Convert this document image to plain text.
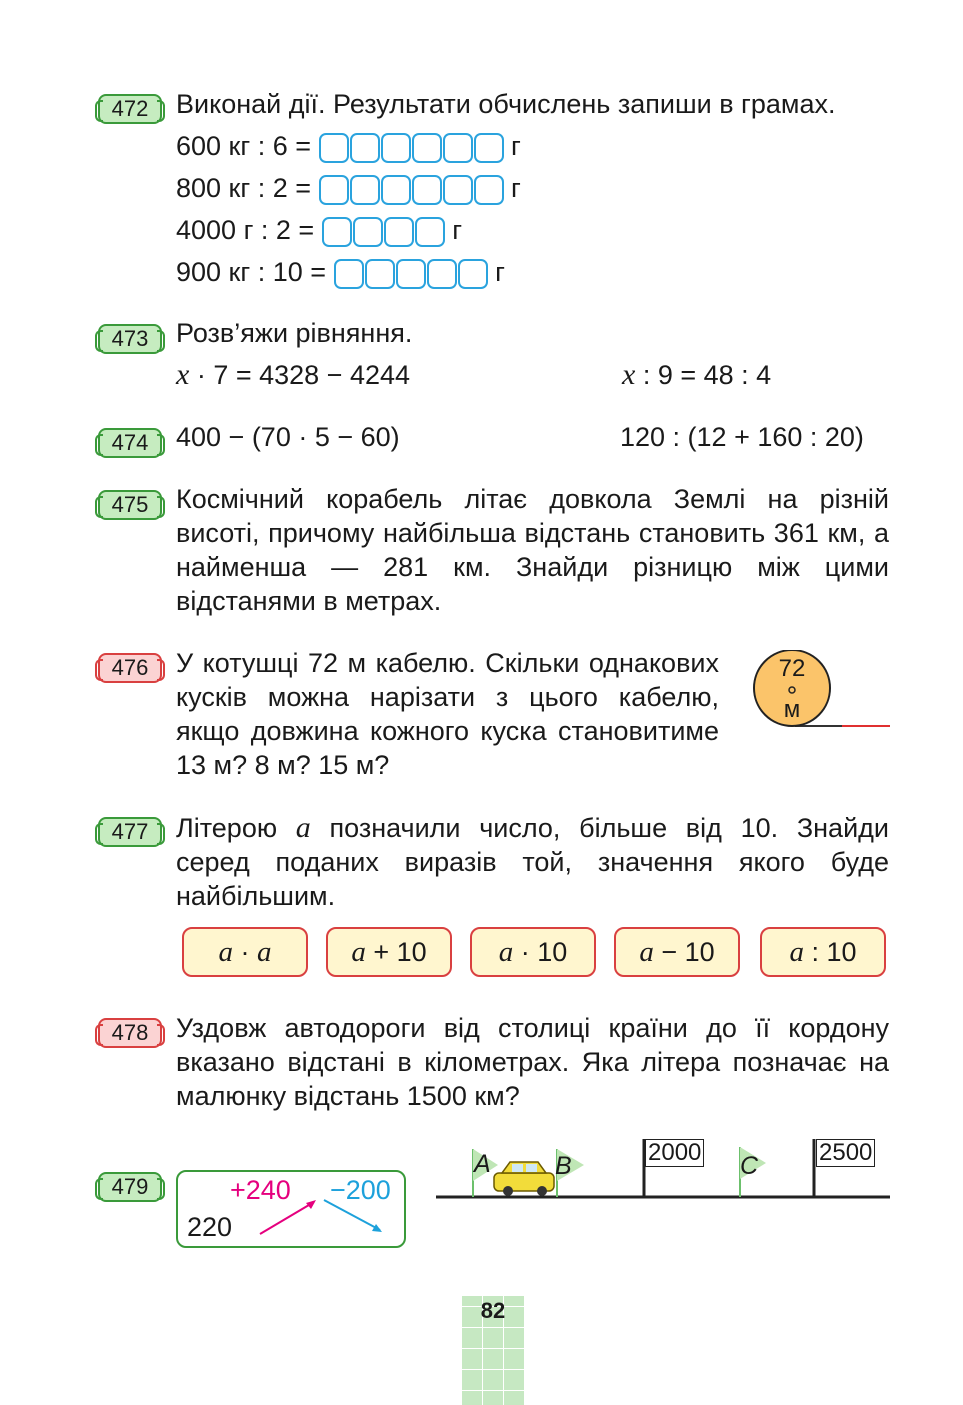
472	Виконай дії. Результати обчислень запиши в грамах.
600 кг : 6 =	г
800 кг : 2 =	г
4000 г : 2 =	г
900 кг : 10 =	г
473	Розв’яжи рівняння.
x · 7 = 4328 − 4244	x : 9 = 48 : 4
474	400 − (70 · 5 − 60)	120 : (12 + 160 : 20)
475	Космічний корабель літає довкола Землі на різній висоті, причому найбільша відстань становить 361 км, а найменша — 281 км. Знайди різницю між цими відстанями в метрах.
476	У котушці 72 м кабелю. Скільки однакових кусків можна нарізати з цього кабелю, якщо довжина кожного куска становитиме 13 м? 8 м? 15 м?
72
м
477	Літерою a позначили число, більше від 10. Знайди серед поданих виразів той, значення якого буде найбільшим.
a · a	a + 10	a · 10	a − 10	a : 10
478	Уздовж автодороги від столиці країни до її кордону вказано відстані в кілометрах. Яка літера позначає на малюнку відстань 1500 км?
A	B	C
2000	2500
479
220
+240 −200
82
